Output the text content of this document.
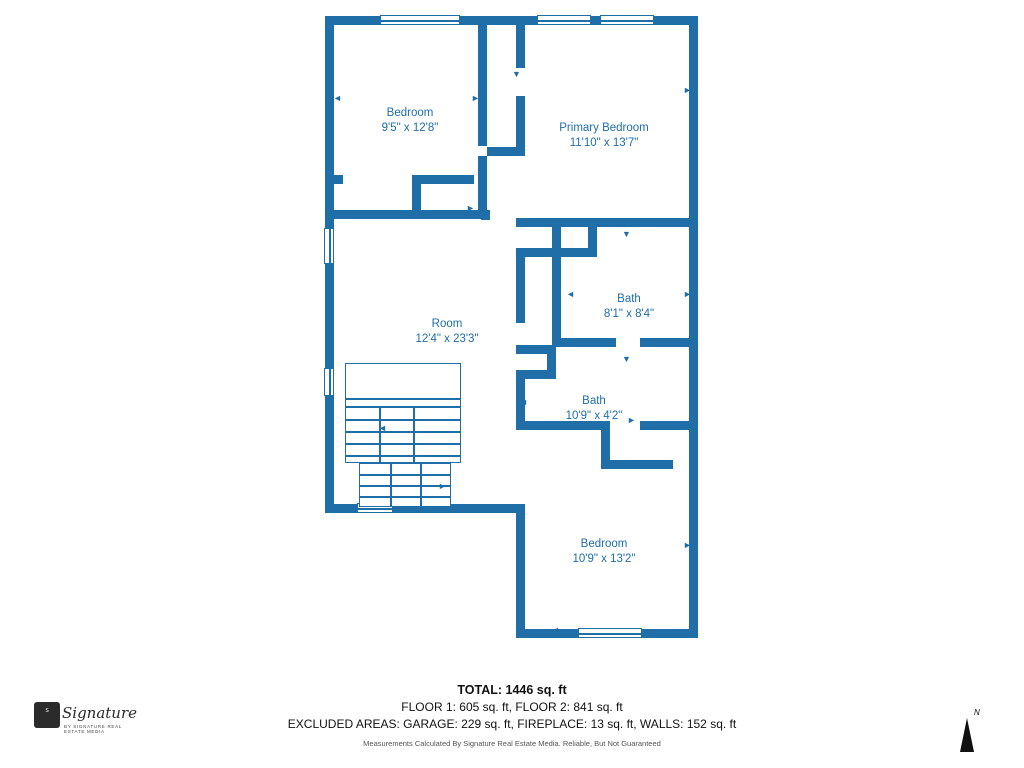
◄	►
▼
►
►
▼
◄	►
▼
◄
►
▼
◄
►
◄
►
Bedroom
9'5" x 12'8"	Primary Bedroom
11'10" x 13'7"
Room
12'4" x 23'3"
Bath
8'1" x 8'4"
Bath
10'9" x 4'2"
Bedroom
10'9" x 13'2"
TOTAL: 1446 sq. ft
FLOOR 1: 605 sq. ft, FLOOR 2: 841 sq. ft
EXCLUDED AREAS: GARAGE: 229 sq. ft, FIREPLACE: 13 sq. ft, WALLS: 152 sq. ft
Measurements Calculated By Signature Real Estate Media. Reliable, But Not Guaranteed
S Signature
BY SIGNATURE REAL ESTATE MEDIA
N
